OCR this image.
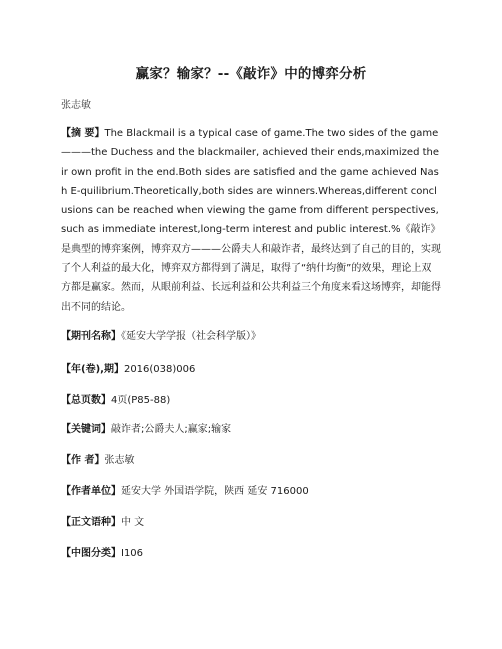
赢家？输家？--《敲诈》中的博弈分析
张志敏
【摘 要】The Blackmail is a typical case of game.The two sides of the game———the Duchess and the blackmailer, achieved their ends,maximized their own profit in the end.Both sides are satisfied and the game achieved Nash E-quilibrium.Theoretically,both sides are winners.Whereas,different conclusions can be reached when viewing the game from different perspectives,such as immediate interest,long-term interest and public interest.%《敲诈》是典型的博弈案例，博弈双方———公爵夫人和敲诈者，最终达到了自己的目的，实现了个人利益的最大化，博弈双方都得到了满足，取得了“纳什均衡”的效果，理论上双方都是赢家。然而，从眼前利益、长远利益和公共利益三个角度来看这场博弈，却能得出不同的结论。
【期刊名称】《延安大学学报（社会科学版）》
【年(卷),期】2016(038)006
【总页数】4页(P85-88)
【关键词】敲诈者;公爵夫人;赢家;输家
【作 者】张志敏
【作者单位】延安大学 外国语学院，陕西 延安 716000
【正文语种】中 文
【中图分类】I106
